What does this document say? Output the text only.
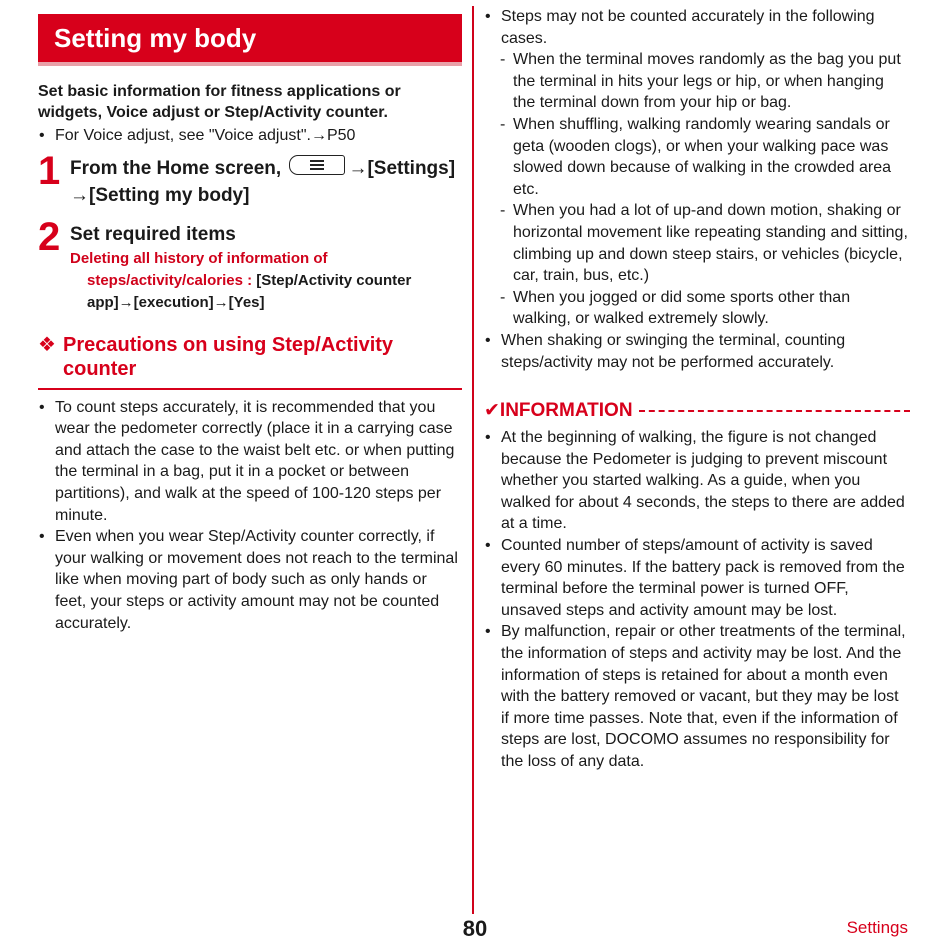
Setting my body
Set basic information for fitness applications or widgets, Voice adjust or Step/Activity counter.
• For Voice adjust, see "Voice adjust".→P50
1 From the Home screen,	→[Settings]
→[Setting my body]
2 Set required items
Deleting all history of information of steps/activity/calories : [Step/Activity counter app]→[execution]→[Yes]
❖ Precautions on using Step/Activity counter
• To count steps accurately, it is recommended that you wear the pedometer correctly (place it in a carrying case and attach the case to the waist belt etc. or when putting the terminal in a bag, put it in a pocket or between partitions), and walk at the speed of 100-120 steps per minute.
• Even when you wear Step/Activity counter correctly, if your walking or movement does not reach to the terminal like when moving part of body such as only hands or feet, your steps or activity amount may not be counted accurately.
• Steps may not be counted accurately in the following cases.
- When the terminal moves randomly as the bag you put the terminal in hits your legs or hip, or when hanging the terminal down from your hip or bag.
- When shuffling, walking randomly wearing sandals or geta (wooden clogs), or when your walking pace was slowed down because of walking in the crowded area etc.
- When you had a lot of up-and down motion, shaking or horizontal movement like repeating standing and sitting, climbing up and down steep stairs, or vehicles (bicycle, car, train, bus, etc.)
- When you jogged or did some sports other than walking, or walked extremely slowly.
• When shaking or swinging the terminal, counting steps/activity may not be performed accurately.
✔ INFORMATION
• At the beginning of walking, the figure is not changed because the Pedometer is judging to prevent miscount whether you started walking. As a guide, when you walked for about 4 seconds, the steps to there are added at a time.
• Counted number of steps/amount of activity is saved every 60 minutes. If the battery pack is removed from the terminal before the terminal power is turned OFF, unsaved steps and activity amount may be lost.
• By malfunction, repair or other treatments of the terminal, the information of steps and activity may be lost. And the information of steps is retained for about a month even with the battery removed or vacant, but they may be lost if more time passes. Note that, even if the information of steps are lost, DOCOMO assumes no responsibility for the loss of any data.
80	Settings
